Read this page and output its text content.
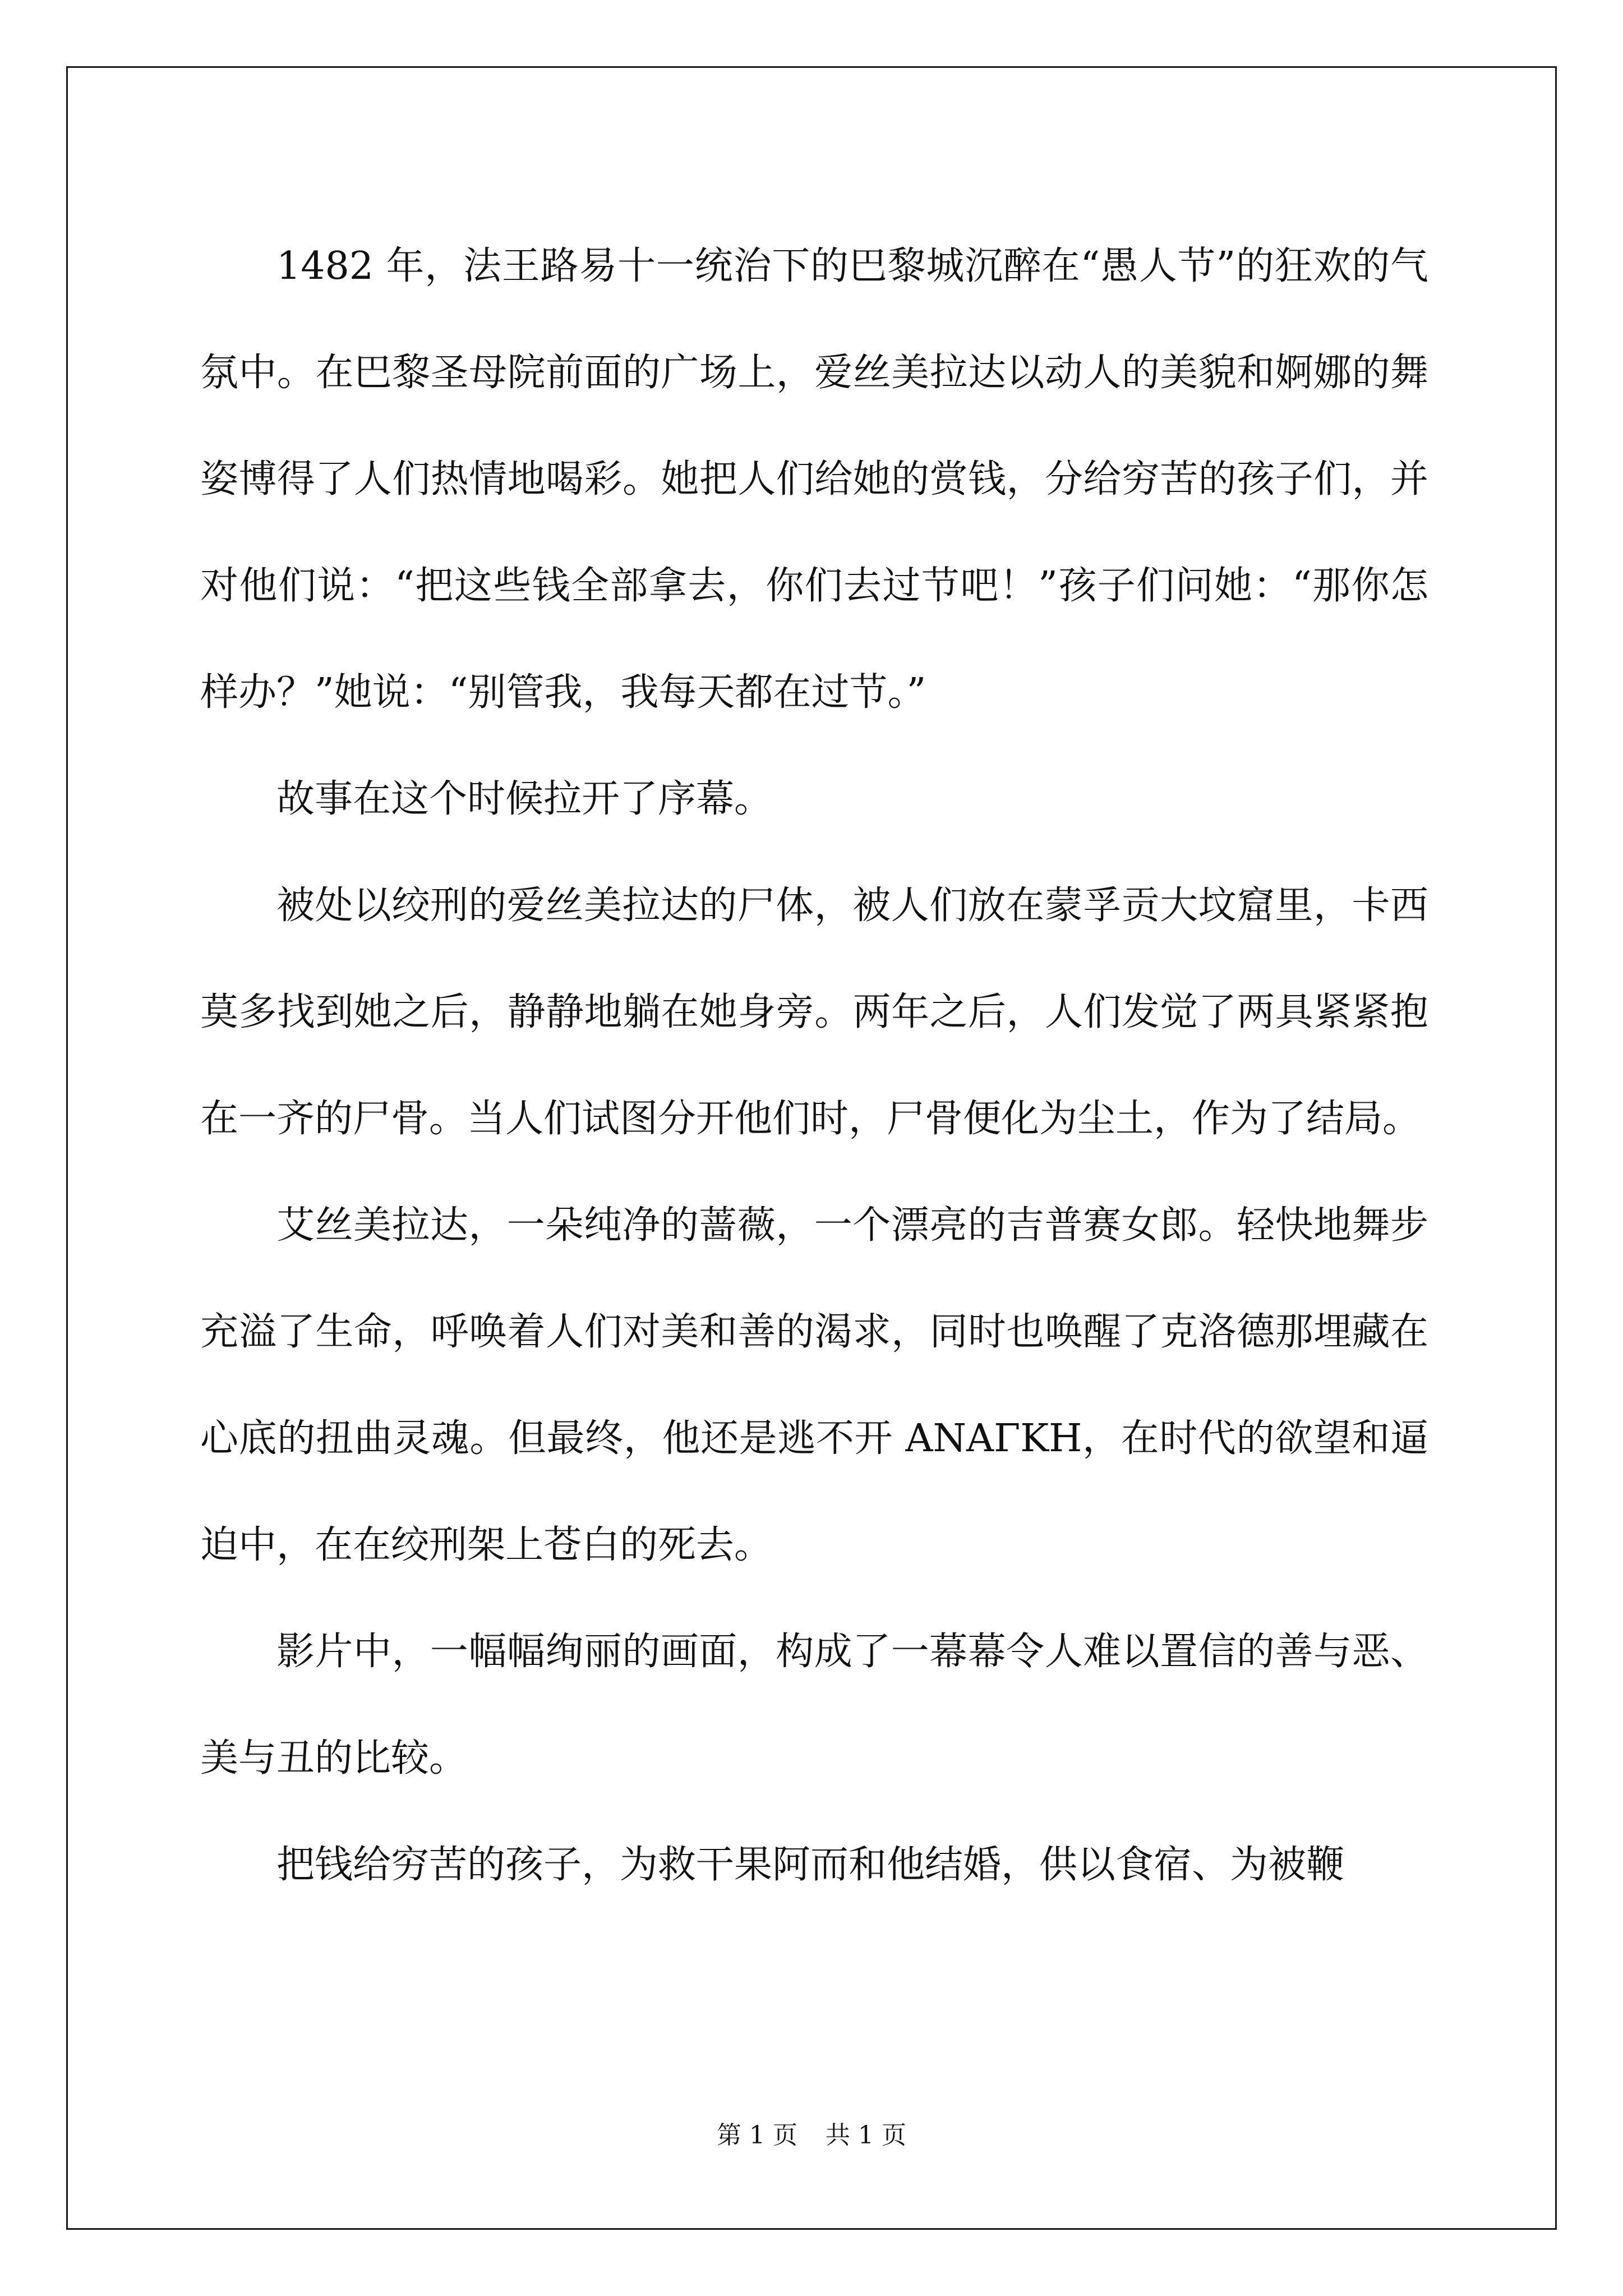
1482 年，法王路易十一统治下的巴黎城沉醉在“愚人节”的狂欢的气氛中。在巴黎圣母院前面的广场上，爱丝美拉达以动人的美貌和婀娜的舞姿博得了人们热情地喝彩。她把人们给她的赏钱，分给穷苦的孩子们，并对他们说：“把这些钱全部拿去，你们去过节吧！”孩子们问她：“那你怎样办？”她说：“别管我，我每天都在过节。”

故事在这个时候拉开了序幕。

被处以绞刑的爱丝美拉达的尸体，被人们放在蒙孚贡大坟窟里，卡西莫多找到她之后，静静地躺在她身旁。两年之后，人们发觉了两具紧紧抱在一齐的尸骨。当人们试图分开他们时，尸骨便化为尘土，作为了结局。

艾丝美拉达，一朵纯净的蔷薇，一个漂亮的吉普赛女郎。轻快地舞步充溢了生命，呼唤着人们对美和善的渴求，同时也唤醒了克洛德那埋藏在心底的扭曲灵魂。但最终，他还是逃不开 ΑΝΑΓΚΗ，在时代的欲望和逼迫中，在在绞刑架上苍白的死去。

影片中，一幅幅绚丽的画面，构成了一幕幕令人难以置信的善与恶、美与丑的比较。

把钱给穷苦的孩子，为救干果阿而和他结婚，供以食宿、为被鞭

第 1 页 共 1 页
